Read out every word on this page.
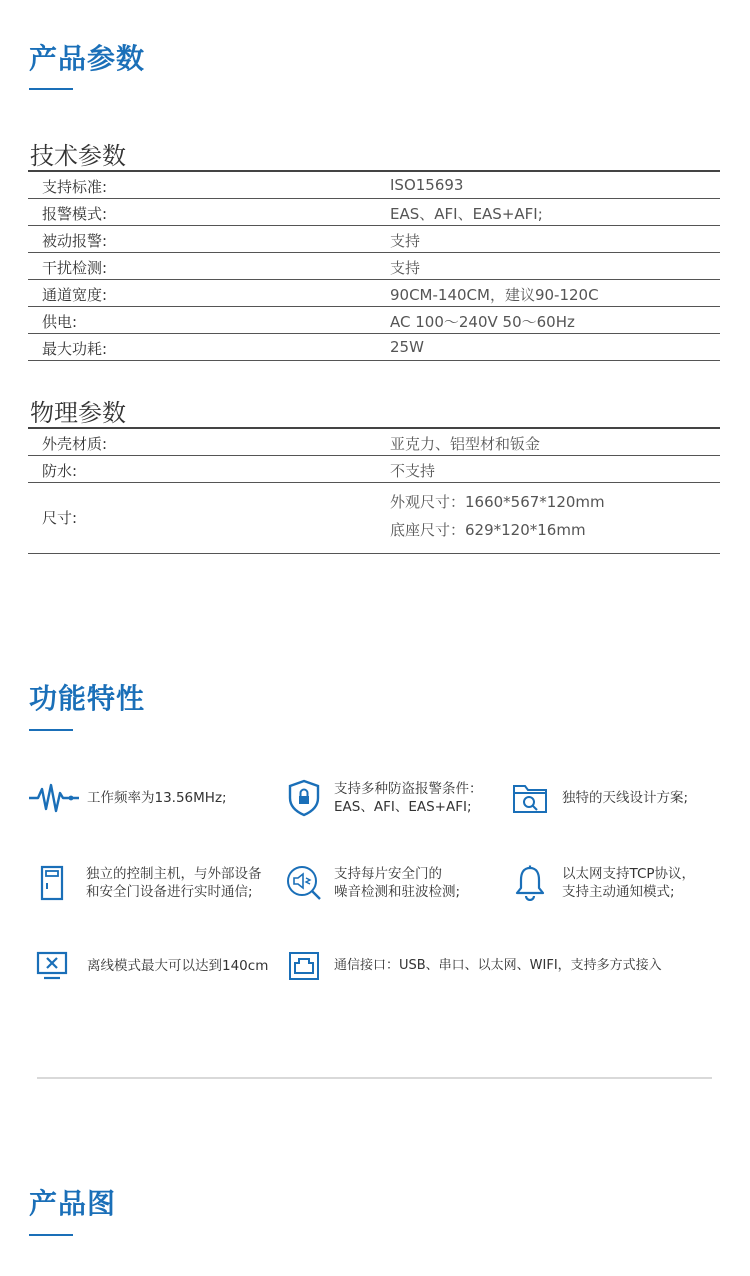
产品参数
技术参数
支持标准:	ISO15693
报警模式:	EAS、AFI、EAS+AFI;
被动报警:	支持
干扰检测:	支持
通道宽度:	90CM-140CM，建议90-120C
供电:	AC 100〜240V 50〜60Hz
最大功耗:	25W
物理参数
外壳材质:	亚克力、铝型材和钣金
防水:	不支持
尺寸:
外观尺寸：1660*567*120mm
底座尺寸：629*120*16mm
功能特性
工作频率为13.56MHz;
支持多种防盗报警条件：
EAS、AFI、EAS+AFI;
独特的天线设计方案;
独立的控制主机，与外部设备
和安全门设备进行实时通信;
支持每片安全门的
噪音检测和驻波检测;
以太网支持TCP协议，
支持主动通知模式;
离线模式最大可以达到140cm	通信接口：USB、串口、以太网、WIFI，支持多方式接入
产品图
